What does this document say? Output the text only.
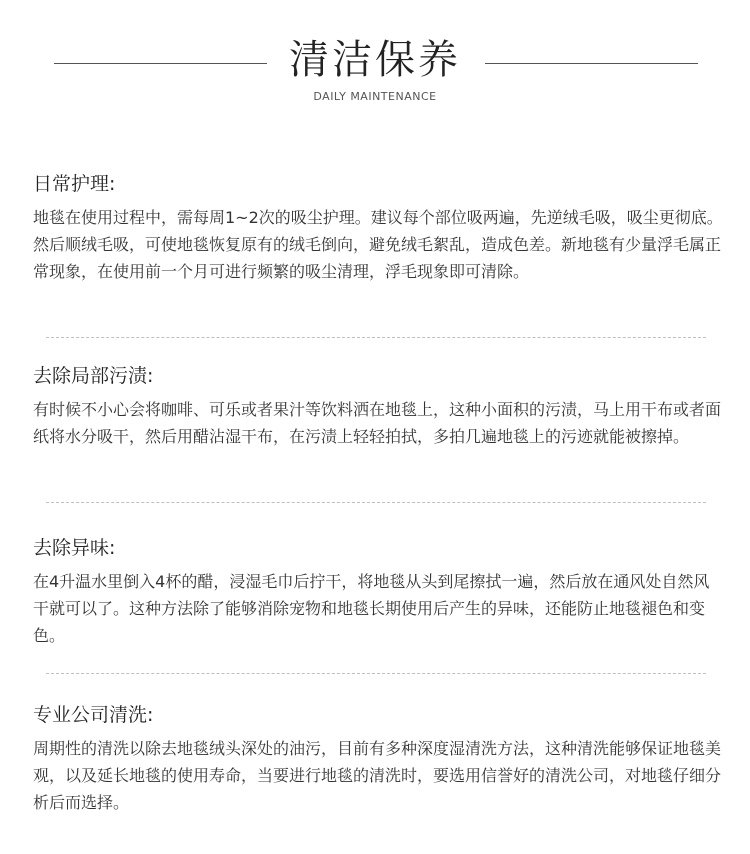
清洁保养
DAILY MAINTENANCE

日常护理:

地毯在使用过程中，需每周1~2次的吸尘护理。建议每个部位吸两遍，先逆绒毛吸，吸尘更彻底。然后顺绒毛吸，可使地毯恢复原有的绒毛倒向，避免绒毛絮乱，造成色差。新地毯有少量浮毛属正常现象，在使用前一个月可进行频繁的吸尘清理，浮毛现象即可清除。

去除局部污渍:

有时候不小心会将咖啡、可乐或者果汁等饮料洒在地毯上，这种小面积的污渍，马上用干布或者面纸将水分吸干，然后用醋沾湿干布，在污渍上轻轻拍拭，多拍几遍地毯上的污迹就能被擦掉。

去除异味:

在4升温水里倒入4杯的醋，浸湿毛巾后拧干，将地毯从头到尾擦拭一遍，然后放在通风处自然风干就可以了。这种方法除了能够消除宠物和地毯长期使用后产生的异味，还能防止地毯褪色和变色。

专业公司清洗:

周期性的清洗以除去地毯绒头深处的油污，目前有多种深度湿清洗方法，这种清洗能够保证地毯美观，以及延长地毯的使用寿命，当要进行地毯的清洗时，要选用信誉好的清洗公司，对地毯仔细分析后而选择。
